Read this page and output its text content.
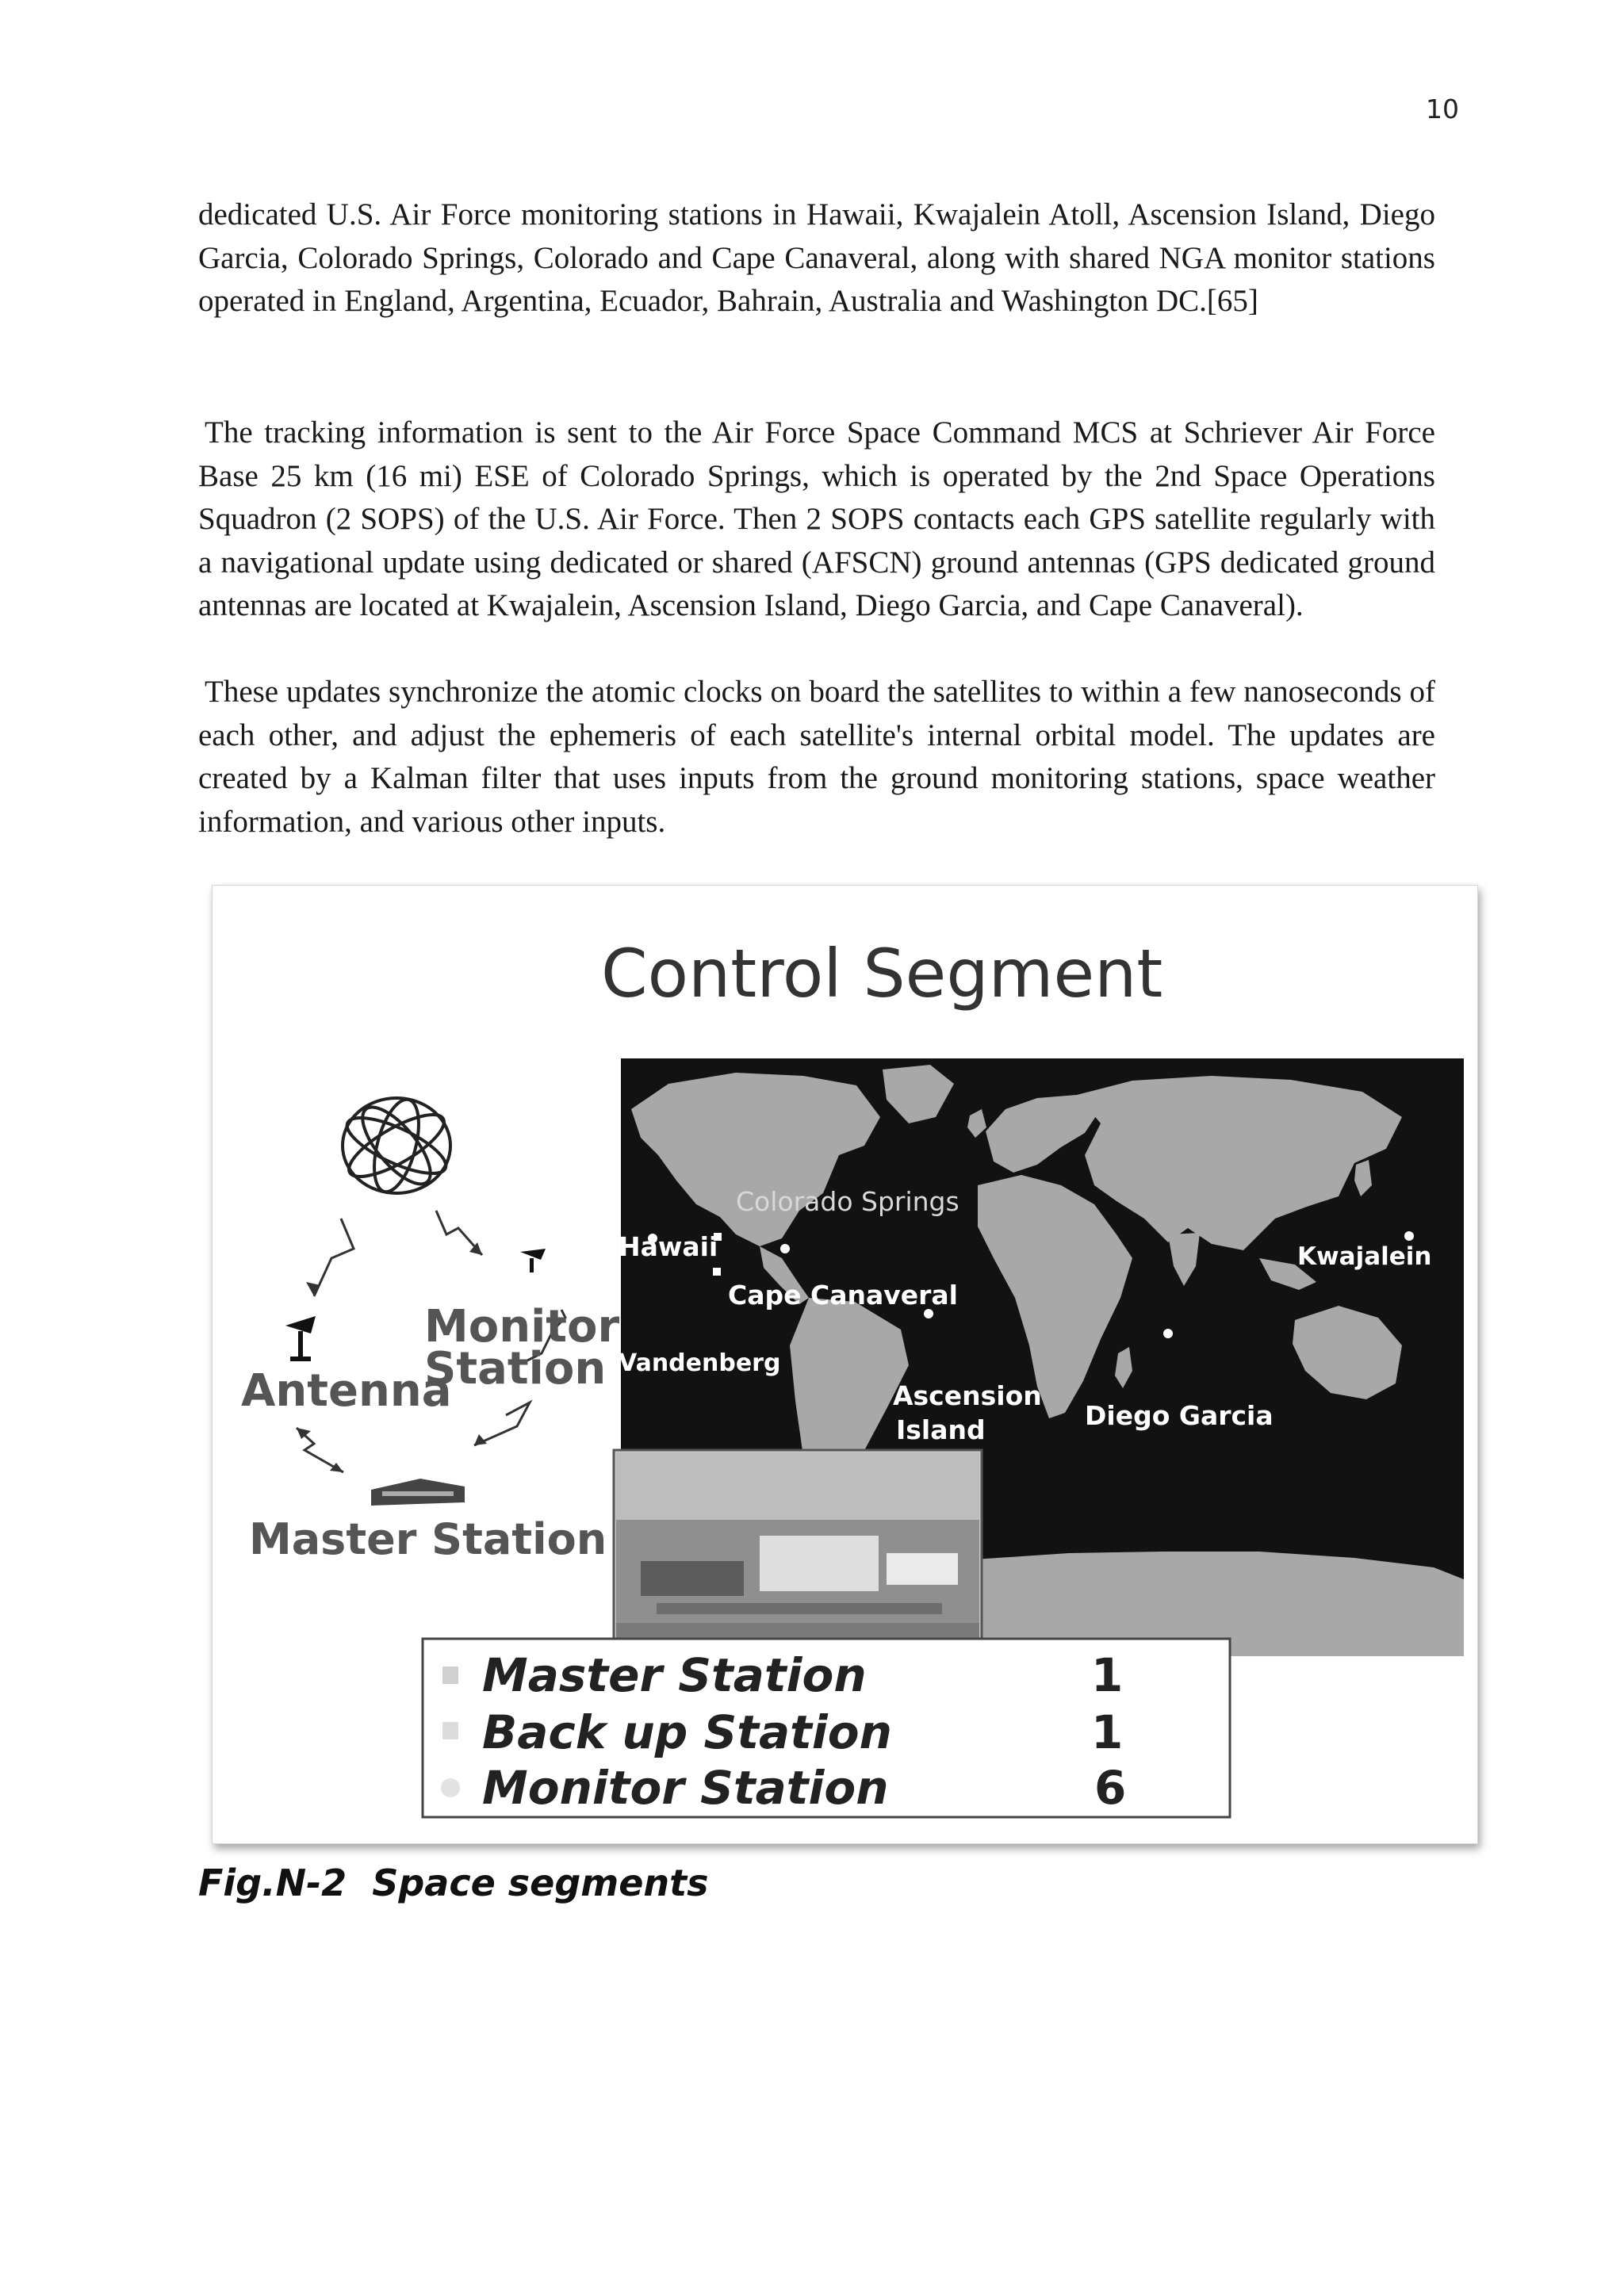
10

dedicated U.S. Air Force monitoring stations in Hawaii, Kwajalein Atoll, Ascension Island, Diego Garcia, Colorado Springs, Colorado and Cape Canaveral, along with shared NGA monitor stations operated in England, Argentina, Ecuador, Bahrain, Australia and Washington DC.[65]

The tracking information is sent to the Air Force Space Command MCS at Schriever Air Force Base 25 km (16 mi) ESE of Colorado Springs, which is operated by the 2nd Space Operations Squadron (2 SOPS) of the U.S. Air Force. Then 2 SOPS contacts each GPS satellite regularly with a navigational update using dedicated or shared (AFSCN) ground antennas (GPS dedicated ground antennas are located at Kwajalein, Ascension Island, Diego Garcia, and Cape Canaveral).

These updates synchronize the atomic clocks on board the satellites to within a few nanoseconds of each other, and adjust the ephemeris of each satellite's internal orbital model. The updates are created by a Kalman filter that uses inputs from the ground monitoring stations, space weather information, and various other inputs.

Control Segment
Colorado Springs
Hawaii
Cape Canaveral
Vandenberg
Ascension
Island	Diego Garcia
Kwajalein
Monitor
Station
Antenna
Master Station
Master Station
Back up Station
Monitor Station
1
1
6
Fig.N-2  Space segments
